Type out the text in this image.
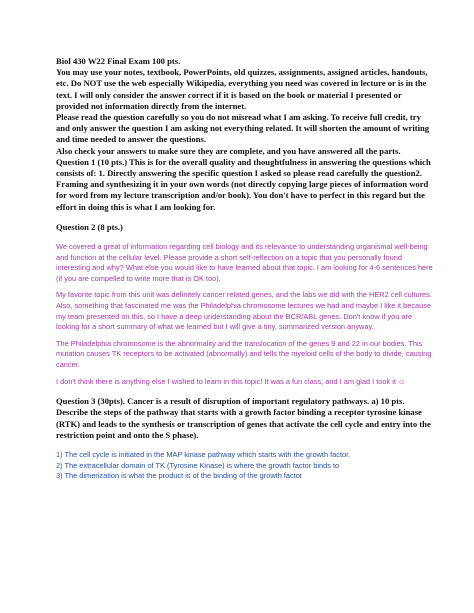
Biol 430 W22 Final Exam 100 pts.

You may use your notes, textbook, PowerPoints, old quizzes, assignments, assigned articles, handouts, etc. Do NOT use the web especially Wikipedia, everything you need was covered in lecture or is in the text. I will only consider the answer correct if it is based on the book or material I presented or provided not information directly from the internet.

Please read the question carefully so you do not misread what I am asking. To receive full credit, try and only answer the question I am asking not everything related. It will shorten the amount of writing and time needed to answer the questions.

Also check your answers to make sure they are complete, and you have answered all the parts.

Question 1 (10 pts.) This is for the overall quality and thoughtfulness in answering the questions which consists of: 1. Directly answering the specific question I asked so please read carefully the question2. Framing and synthesizing it in your own words (not directly copying large pieces of information word for word from my lecture transcription and/or book). You don't have to perfect in this regard but the effort in doing this is what I am looking for.

Question 2 (8 pts.)

We covered a great of information regarding cell biology and its relevance to understanding organismal well-being and function at the cellular level. Please provide a short self-reflection on a topic that you personally found interesting and why? What else you would like to have learned about that topic. I am looking for 4-6 sentences here (if you are compelled to write more that is OK too).

My favorite topic from this unit was definitely cancer related genes, and the labs we did with the HER2 cell cultures. Also, something that fascinated me was the Philadelphia chromosome lectures we had and maybe I like it because my team presented on this, so I have a deep understanding about the BCR/ABL genes. Don't know if you are looking for a short summary of what we learned but I will give a tiny, summarized version anyway.

The Philadelphia chromosome is the abnormality and the translocation of the genes 9 and 22 in our bodies. This mutation causes TK receptors to be activated (abnormally) and tells the myeloid cells of the body to divide, causing cancer.

I don't think there is anything else I wished to learn in this topic! It was a fun class, and I am glad I took it ☺

Question 3 (30pts). Cancer is a result of disruption of important regulatory pathways. a) 10 pts. Describe the steps of the pathway that starts with a growth factor binding a receptor tyrosine kinase (RTK) and leads to the synthesis or transcription of genes that activate the cell cycle and entry into the restriction point and onto the S phase).

1) The cell cycle is initiated in the MAP kinase pathway which starts with the growth factor.

2) The extracellular domain of TK (Tyrosine Kinase) is where the growth factor binds to

3) The dimerization is what the product is of the binding of the growth factor
